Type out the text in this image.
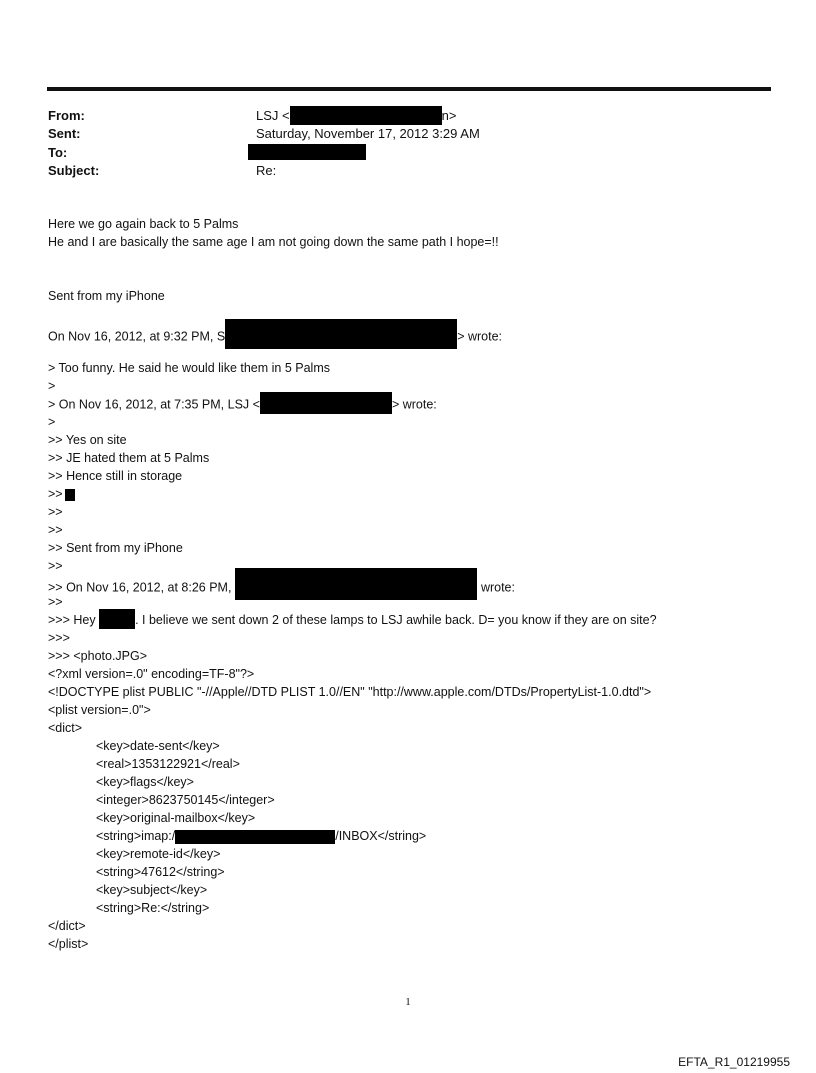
From:	LSJ <	n>
Sent:	Saturday, November 17, 2012 3:29 AM
To:
Subject:	Re:
Here we go again back to 5 Palms
He and I are basically the same age I am not going down the same path I hope=!!
Sent from my iPhone
On Nov 16, 2012, at 9:32 PM, S	> wrote:
> Too funny. He said he would like them in 5 Palms
>
> On Nov 16, 2012, at 7:35 PM, LSJ <	> wrote:
>
>> Yes on site
>> JE hated them at 5 Palms
>> Hence still in storage
>>
>>
>>
>> Sent from my iPhone
>>
>> On Nov 16, 2012, at 8:26 PM,	wrote:
>>
>>> Hey	. I believe we sent down 2 of these lamps to LSJ awhile back. D= you know if they are on site?
>>>
>>> <photo.JPG>
<?xml version=.0" encoding=TF-8"?>
<!DOCTYPE plist PUBLIC "-//Apple//DTD PLIST 1.0//EN" "http://www.apple.com/DTDs/PropertyList-1.0.dtd">
<plist version=.0">
<dict>
<key>date-sent</key>
<real>1353122921</real>
<key>flags</key>
<integer>8623750145</integer>
<key>original-mailbox</key>
<string>imap:/	/INBOX</string>
<key>remote-id</key>
<string>47612</string>
<key>subject</key>
<string>Re:</string>
</dict>
</plist>
1
EFTA_R1_01219955
